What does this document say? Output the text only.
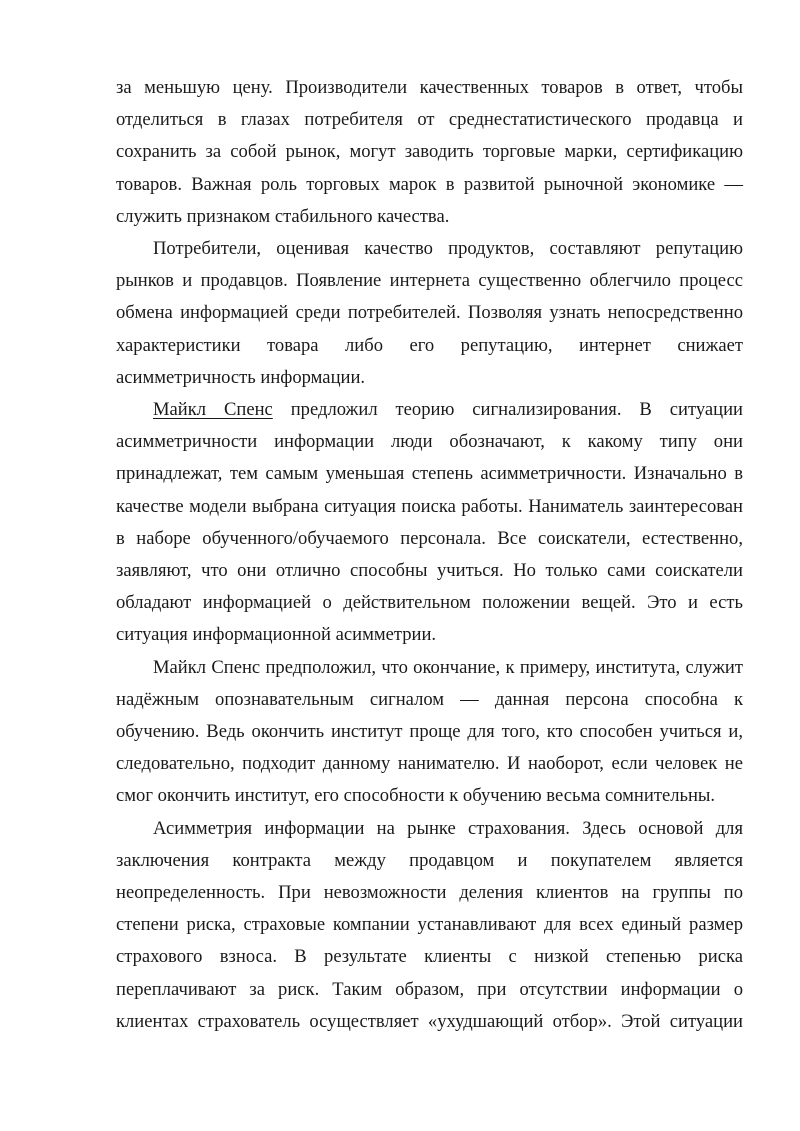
за меньшую цену. Производители качественных товаров в ответ, чтобы отделиться в глазах потребителя от среднестатистического продавца и сохранить за собой рынок, могут заводить торговые марки, сертификацию товаров. Важная роль торговых марок в развитой рыночной экономике — служить признаком стабильного качества.

Потребители, оценивая качество продуктов, составляют репутацию рынков и продавцов. Появление интернета существенно облегчило процесс обмена информацией среди потребителей. Позволяя узнать непосредственно характеристики товара либо его репутацию, интернет снижает асимметричность информации.

Майкл Спенс предложил теорию сигнализирования. В ситуации асимметричности информации люди обозначают, к какому типу они принадлежат, тем самым уменьшая степень асимметричности. Изначально в качестве модели выбрана ситуация поиска работы. Наниматель заинтересован в наборе обученного/обучаемого персонала. Все соискатели, естественно, заявляют, что они отлично способны учиться. Но только сами соискатели обладают информацией о действительном положении вещей. Это и есть ситуация информационной асимметрии.

Майкл Спенс предположил, что окончание, к примеру, института, служит надёжным опознавательным сигналом — данная персона способна к обучению. Ведь окончить институт проще для того, кто способен учиться и, следовательно, подходит данному нанимателю. И наоборот, если человек не смог окончить институт, его способности к обучению весьма сомнительны.

Асимметрия информации на рынке страхования. Здесь основой для заключения контракта между продавцом и покупателем является неопределенность. При невозможности деления клиентов на группы по степени риска, страховые компании устанавливают для всех единый размер страхового взноса. В результате клиенты с низкой степенью риска переплачивают за риск. Таким образом, при отсутствии информации о клиентах страхователь осуществляет «ухудшающий отбор». Этой ситуации
